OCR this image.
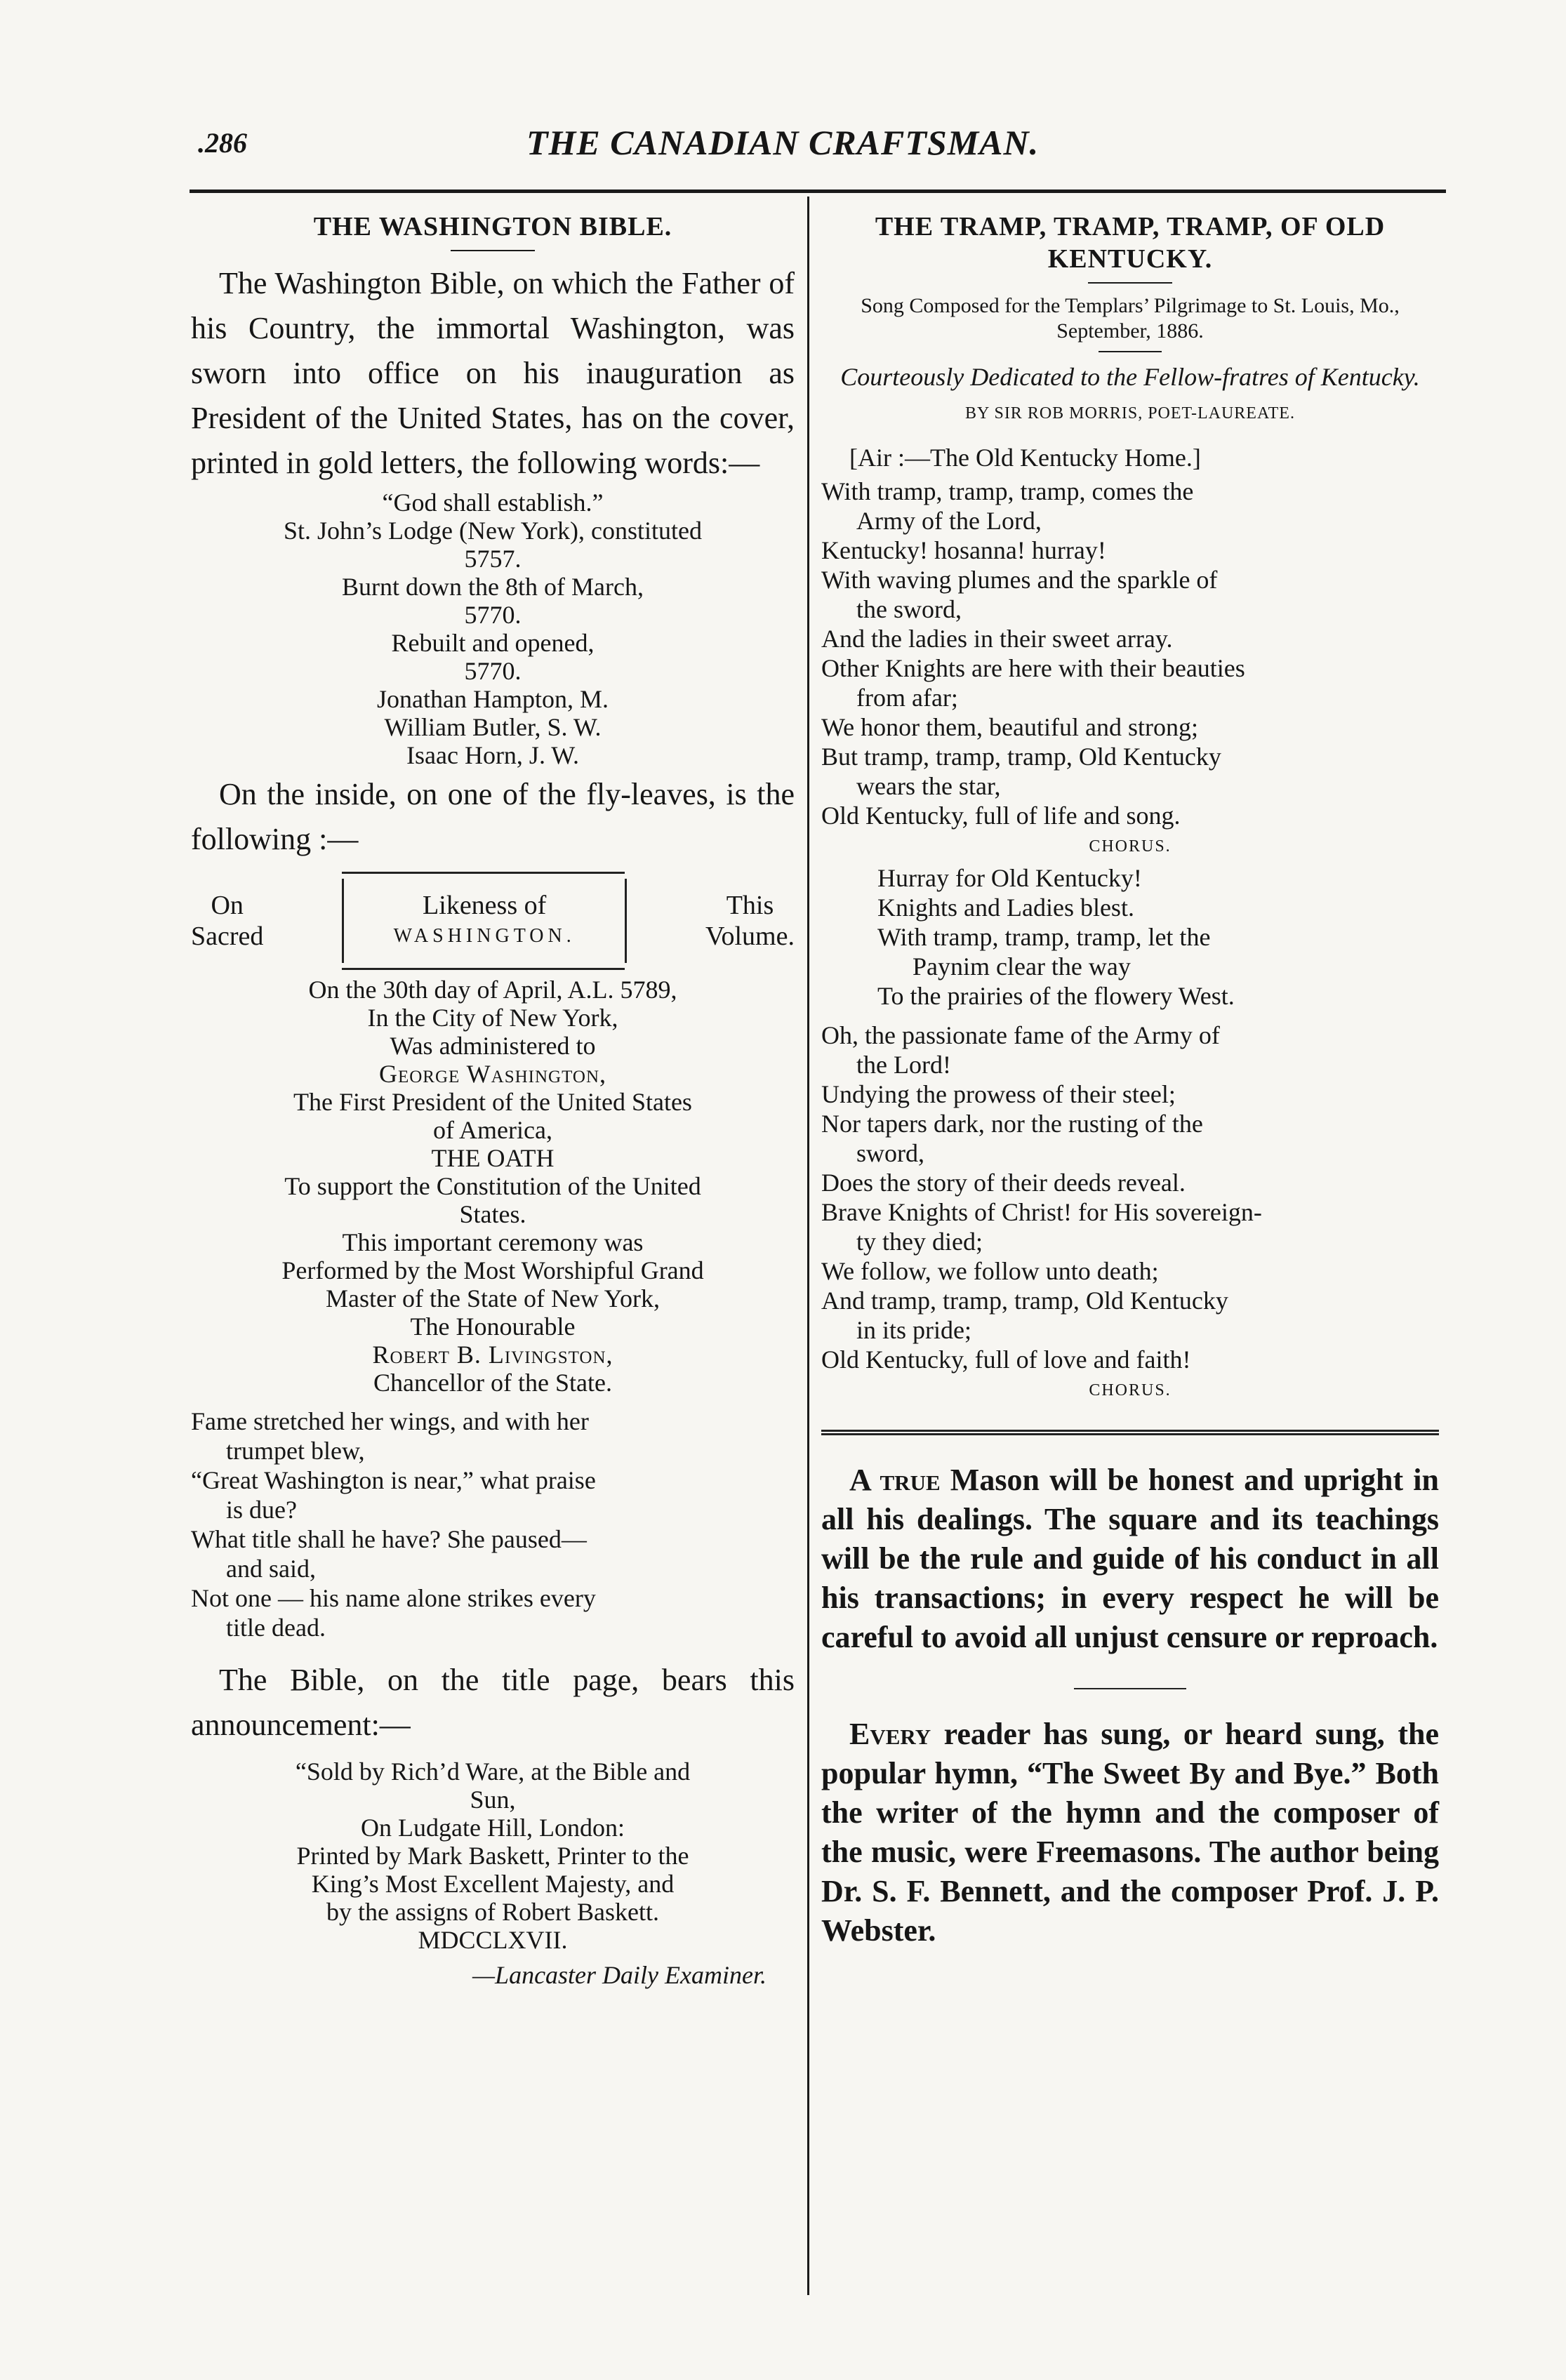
.286	THE CANADIAN CRAFTSMAN.
THE WASHINGTON BIBLE.

The Washington Bible, on which the Father of his Country, the immortal Washington, was sworn into office on his inauguration as President of the United States, has on the cover, printed in gold letters, the following words:—

“God shall establish.”

St. John’s Lodge (New York), constituted

5757.

Burnt down the 8th of March,

5770.

Rebuilt and opened,

5770.

Jonathan Hampton, M.

William Butler, S. W.

Isaac Horn, J. W.

On the inside, on one of the fly-leaves, is the following :—

On
Sacred
Likeness of
WASHINGTON.
This
Volume.

On the 30th day of April, A.L. 5789,

In the City of New York,

Was administered to

George Washington,

The First President of the United States

of America,

THE OATH

To support the Constitution of the United

States.

This important ceremony was

Performed by the Most Worshipful Grand

Master of the State of New York,

The Honourable

Robert B. Livingston,

Chancellor of the State.

Fame stretched her wings, and with her

trumpet blew,

“Great Washington is near,” what praise

is due?

What title shall he have? She paused—

and said,

Not one — his name alone strikes every

title dead.

The Bible, on the title page, bears this announcement:—

“Sold by Rich’d Ware, at the Bible and

Sun,

On Ludgate Hill, London:

Printed by Mark Baskett, Printer to the

King’s Most Excellent Majesty, and

by the assigns of Robert Baskett.

MDCCLXVII.

—Lancaster Daily Examiner.

THE TRAMP, TRAMP, TRAMP, OF OLD KENTUCKY.

Song Composed for the Templars’ Pilgrimage to St. Louis, Mo., September, 1886.

Courteously Dedicated to the Fellow-fratres of Kentucky.

BY SIR ROB MORRIS, POET-LAUREATE.

[Air :—The Old Kentucky Home.]

With tramp, tramp, tramp, comes the

Army of the Lord,

Kentucky! hosanna! hurray!

With waving plumes and the sparkle of

the sword,

And the ladies in their sweet array.

Other Knights are here with their beauties

from afar;

We honor them, beautiful and strong;

But tramp, tramp, tramp, Old Kentucky

wears the star,

Old Kentucky, full of life and song.

CHORUS.

Hurray for Old Kentucky!

Knights and Ladies blest.

With tramp, tramp, tramp, let the

Paynim clear the way

To the prairies of the flowery West.

Oh, the passionate fame of the Army of

the Lord!

Undying the prowess of their steel;

Nor tapers dark, nor the rusting of the

sword,

Does the story of their deeds reveal.

Brave Knights of Christ! for His sovereign-

ty they died;

We follow, we follow unto death;

And tramp, tramp, tramp, Old Kentucky

in its pride;

Old Kentucky, full of love and faith!

CHORUS.

A true Mason will be honest and upright in all his dealings. The square and its teachings will be the rule and guide of his conduct in all his transactions; in every respect he will be careful to avoid all unjust censure or reproach.

Every reader has sung, or heard sung, the popular hymn, “The Sweet By and Bye.” Both the writer of the hymn and the composer of the music, were Freemasons. The author being Dr. S. F. Bennett, and the composer Prof. J. P. Webster.
